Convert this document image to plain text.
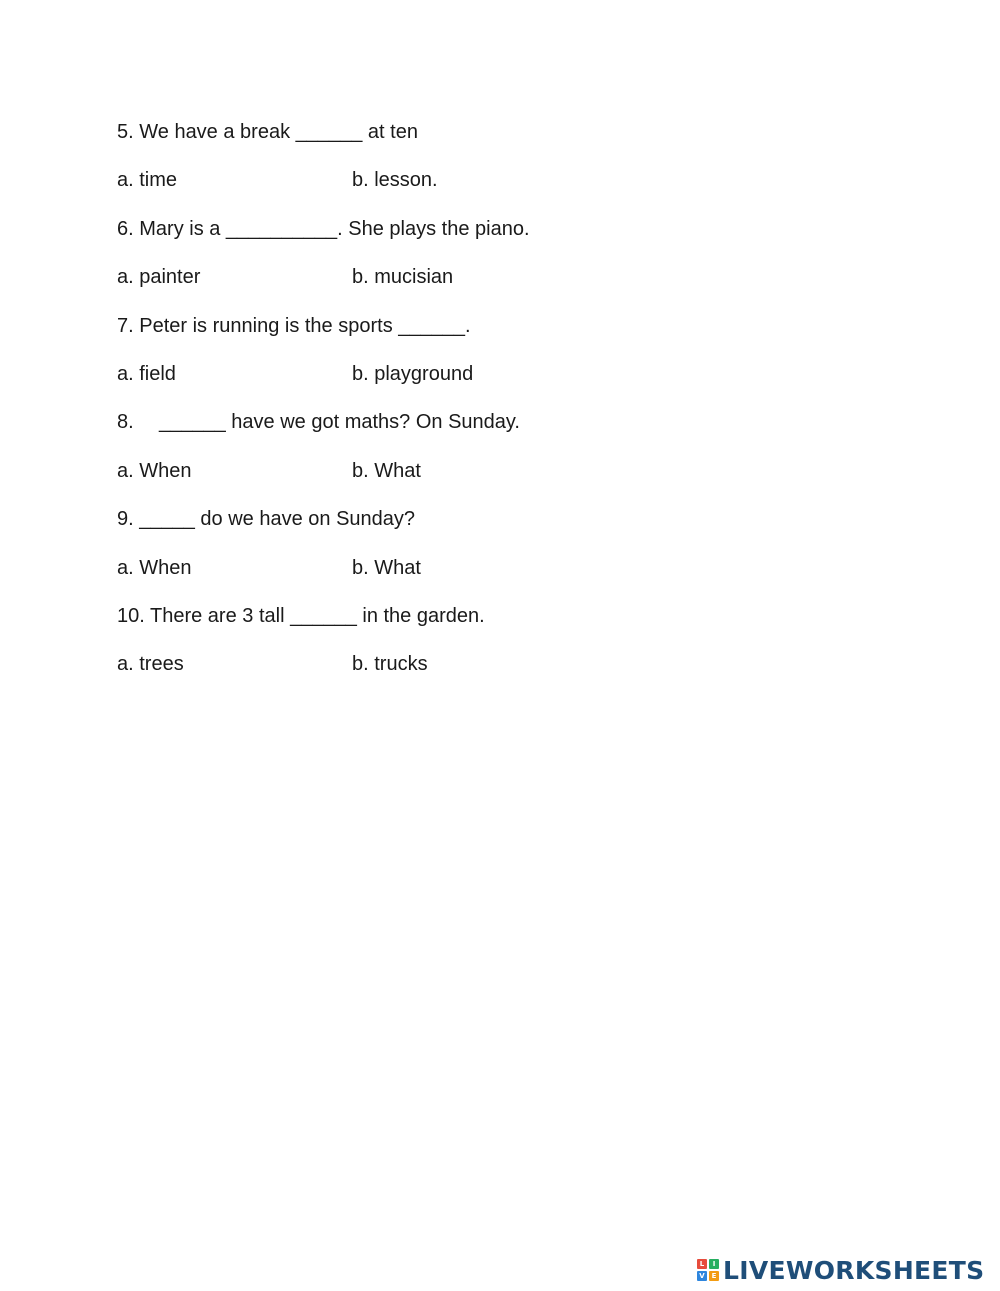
5. We have a break ______ at ten

a. time

	b. lesson.

6. Mary is a __________. She plays the piano.

a. painter

	b. mucisian

7. Peter is running is the sports ______.

a. field

	b. playground

8. ______ have we got maths? On Sunday.

a. When

	b. What

9. _____ do we have on Sunday?

a. When

	b. What

10. There are 3 tall ______ in the garden.

a. trees

	b. trucks

L	I
V E LIVEWORKSHEETS
